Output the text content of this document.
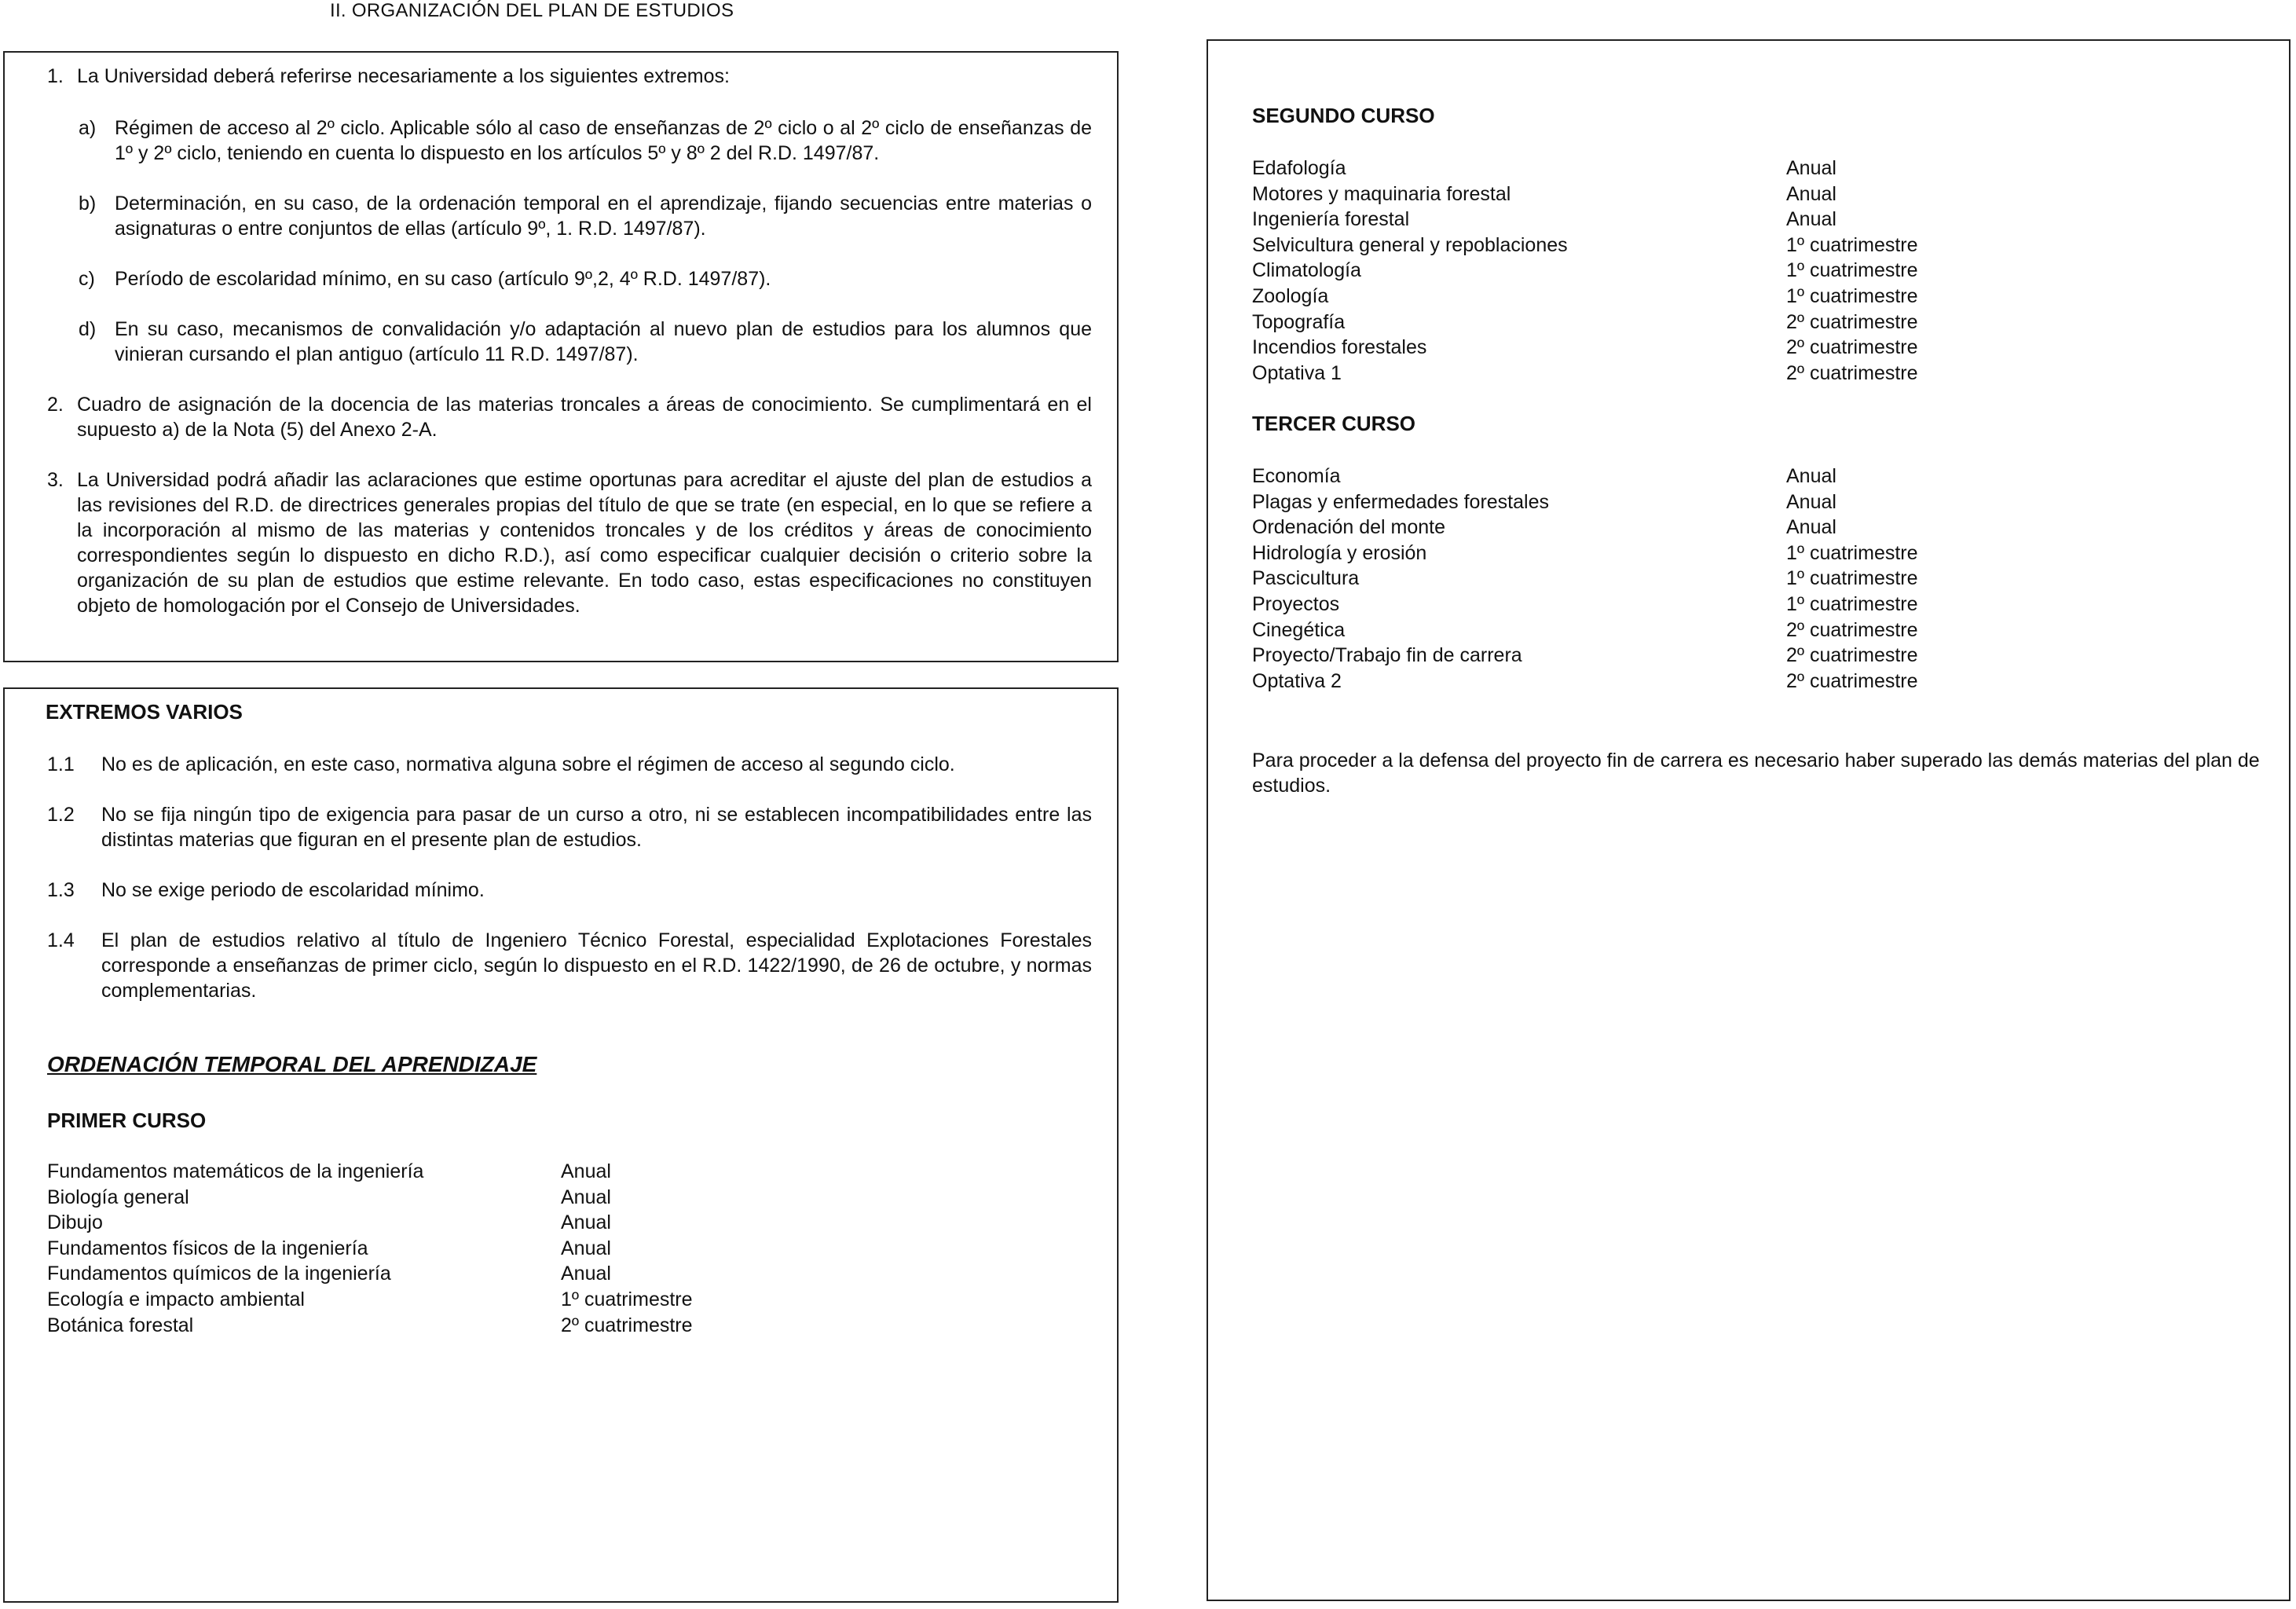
II. ORGANIZACIÓN DEL PLAN DE ESTUDIOS
1. La Universidad deberá referirse necesariamente a los siguientes extremos:
a) Régimen de acceso al 2º ciclo. Aplicable sólo al caso de enseñanzas de 2º ciclo o al 2º ciclo de enseñanzas de 1º y 2º ciclo, teniendo en cuenta lo dispuesto en los artículos 5º y 8º 2 del R.D. 1497/87.
b) Determinación, en su caso, de la ordenación temporal en el aprendizaje, fijando secuencias entre materias o asignaturas o entre conjuntos de ellas (artículo 9º, 1. R.D. 1497/87).
c) Período de escolaridad mínimo, en su caso (artículo 9º,2, 4º R.D. 1497/87).
d) En su caso, mecanismos de convalidación y/o adaptación al nuevo plan de estudios para los alumnos que vinieran cursando el plan antiguo (artículo 11 R.D. 1497/87).
2. Cuadro de asignación de la docencia de las materias troncales a áreas de conocimiento. Se cumplimentará en el supuesto a) de la Nota (5) del Anexo 2-A.
3. La Universidad podrá añadir las aclaraciones que estime oportunas para acreditar el ajuste del plan de estudios a las revisiones del R.D. de directrices generales propias del título de que se trate (en especial, en lo que se refiere a la incorporación al mismo de las materias y contenidos troncales y de los créditos y áreas de conocimiento correspondientes según lo dispuesto en dicho R.D.), así como especificar cualquier decisión o criterio sobre la organización de su plan de estudios que estime relevante. En todo caso, estas especificaciones no constituyen objeto de homologación por el Consejo de Universidades.
EXTREMOS VARIOS
1.1 No es de aplicación, en este caso, normativa alguna sobre el régimen de acceso al segundo ciclo.
1.2 No se fija ningún tipo de exigencia para pasar de un curso a otro, ni se establecen incompatibilidades entre las distintas materias que figuran en el presente plan de estudios.
1.3 No se exige periodo de escolaridad mínimo.
1.4 El plan de estudios relativo al título de Ingeniero Técnico Forestal, especialidad Explotaciones Forestales corresponde a enseñanzas de primer ciclo, según lo dispuesto en el R.D. 1422/1990, de 26 de octubre, y normas complementarias.
ORDENACIÓN TEMPORAL DEL APRENDIZAJE
PRIMER CURSO
Fundamentos matemáticos de la ingeniería	Anual
Biología general	Anual
Dibujo	Anual
Fundamentos físicos de la ingeniería	Anual
Fundamentos químicos de la ingeniería	Anual
Ecología e impacto ambiental	1º cuatrimestre
Botánica forestal	2º cuatrimestre
SEGUNDO CURSO
Edafología	Anual
Motores y maquinaria forestal	Anual
Ingeniería forestal	Anual
Selvicultura general y repoblaciones	1º cuatrimestre
Climatología	1º cuatrimestre
Zoología	1º cuatrimestre
Topografía	2º cuatrimestre
Incendios forestales	2º cuatrimestre
Optativa 1	2º cuatrimestre
TERCER CURSO
Economía	Anual
Plagas y enfermedades forestales	Anual
Ordenación del monte	Anual
Hidrología y erosión	1º cuatrimestre
Pascicultura	1º cuatrimestre
Proyectos	1º cuatrimestre
Cinegética	2º cuatrimestre
Proyecto/Trabajo fin de carrera	2º cuatrimestre
Optativa 2	2º cuatrimestre
Para proceder a la defensa del proyecto fin de carrera es necesario haber superado las demás materias del plan de estudios.
